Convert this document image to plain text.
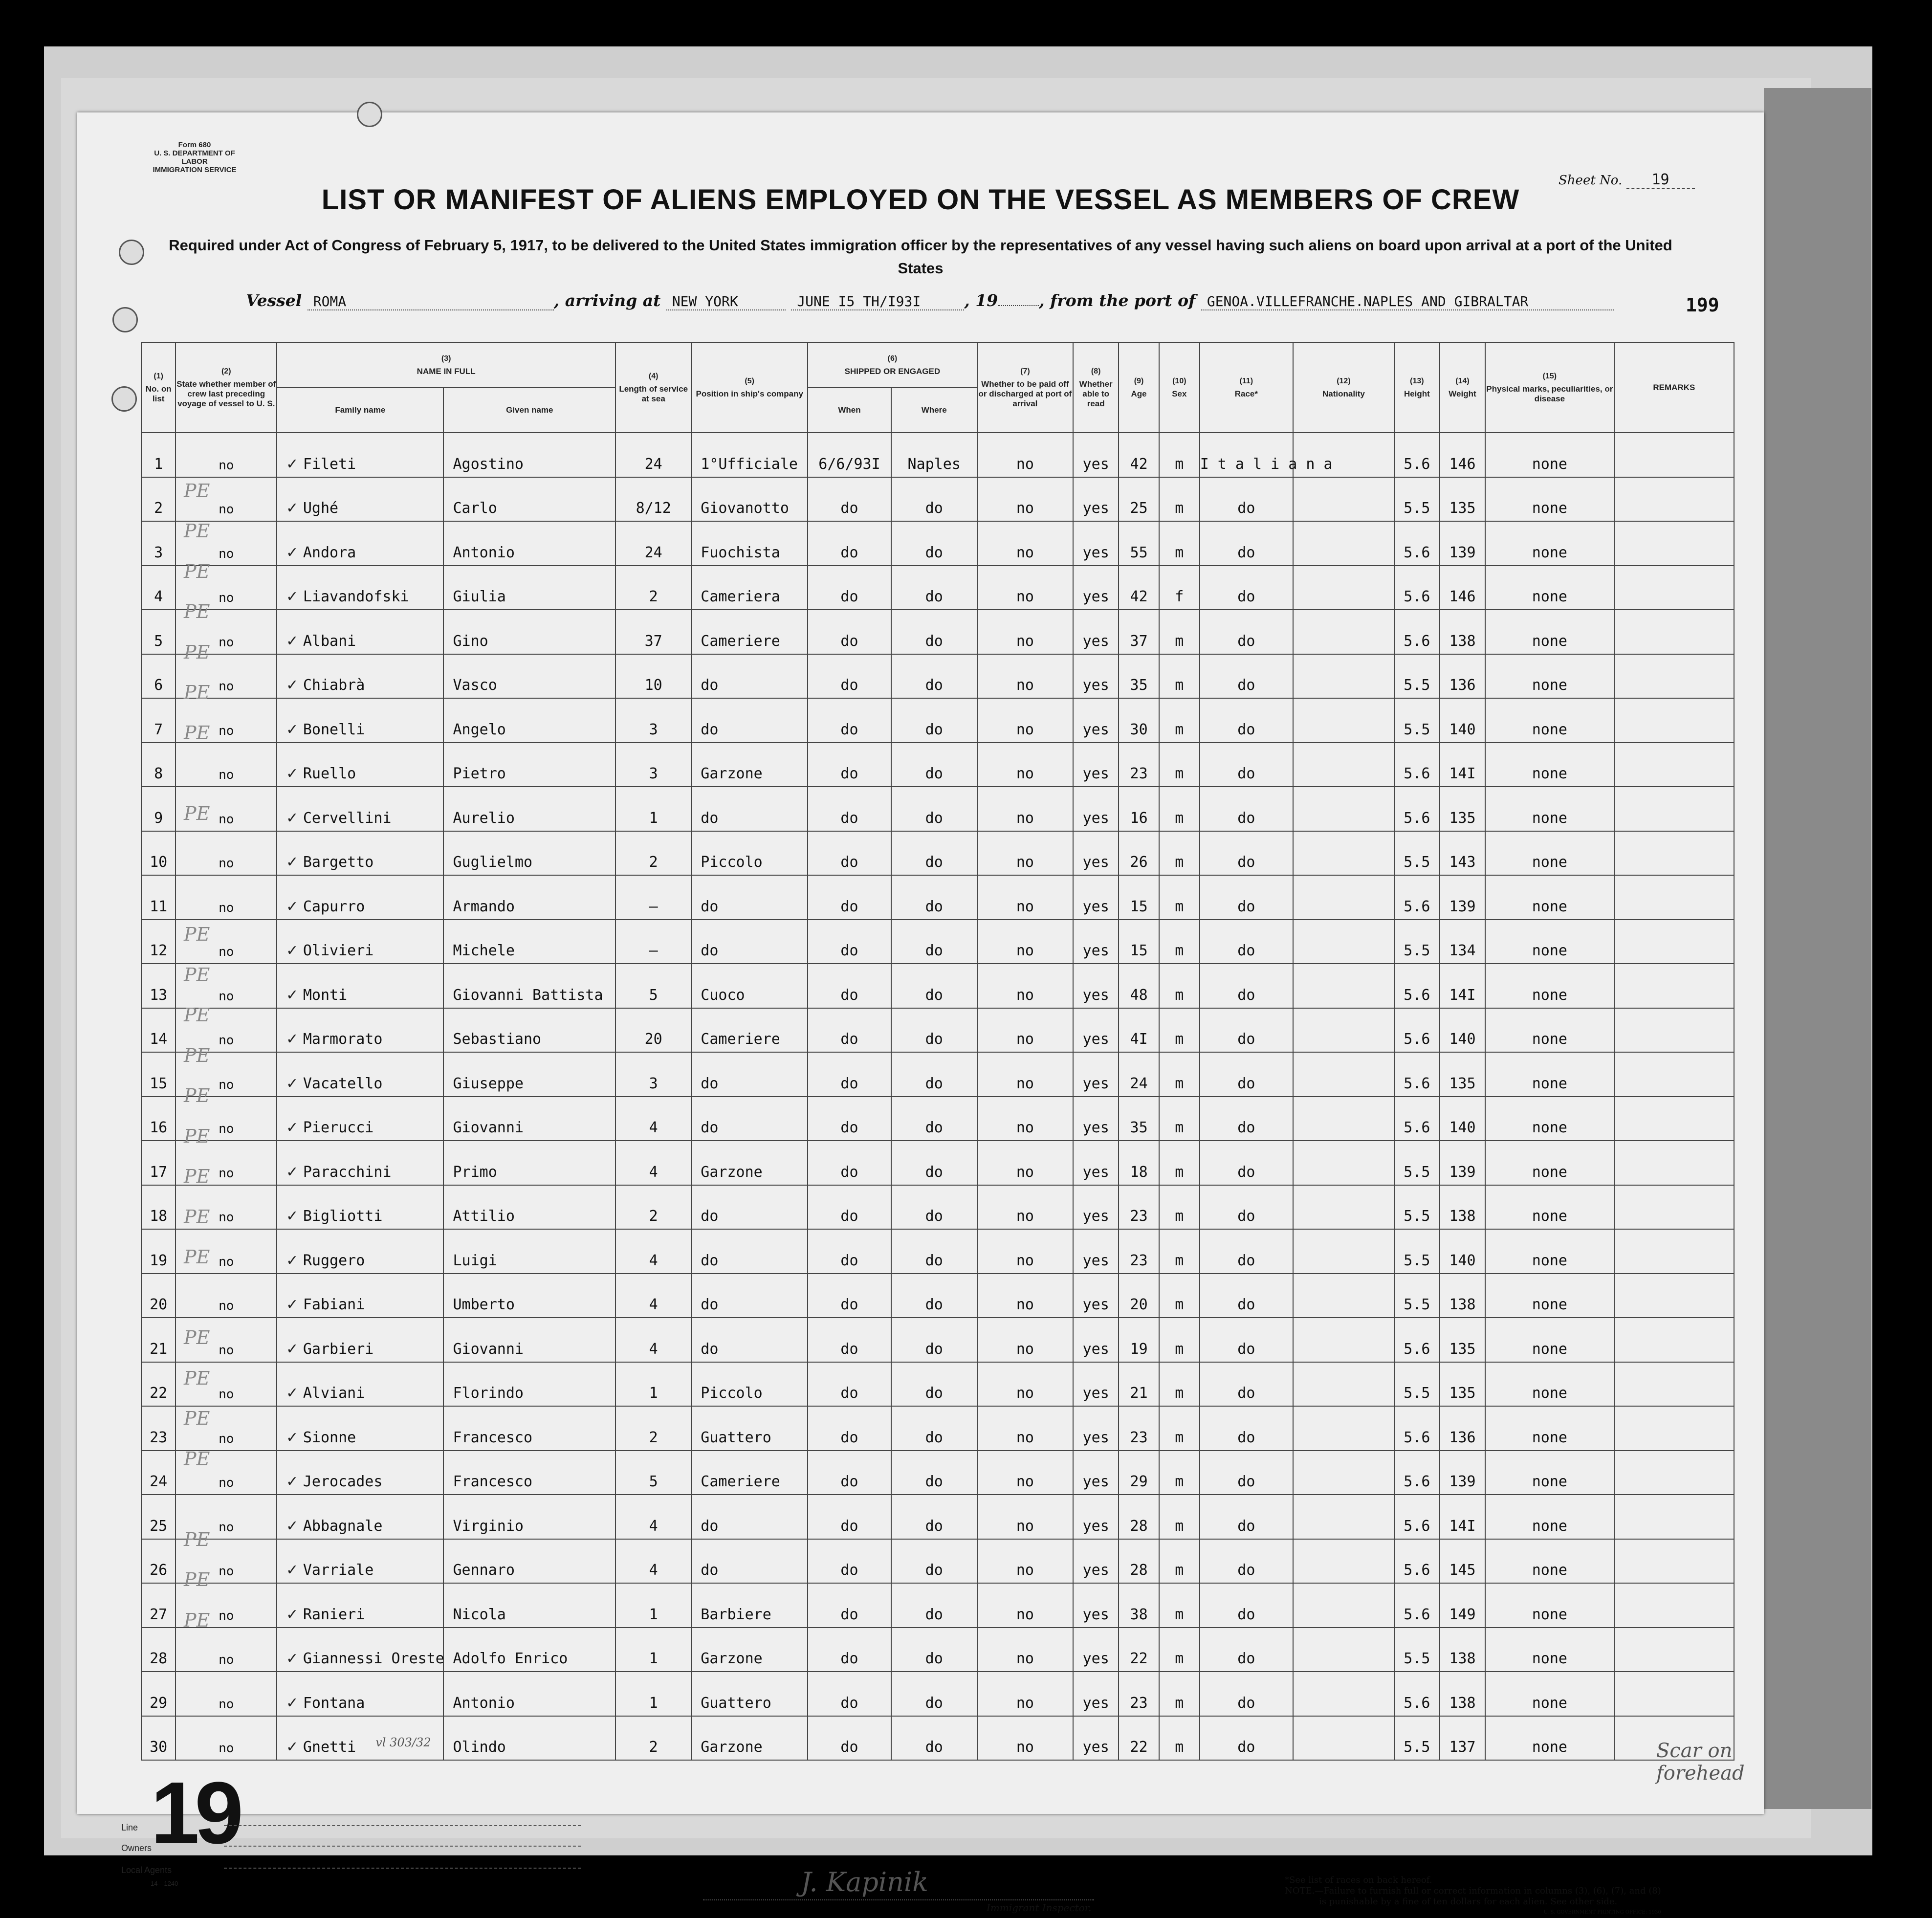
Form 680
U. S. DEPARTMENT OF LABOR
IMMIGRATION SERVICE
Sheet No. 19
LIST OR MANIFEST OF ALIENS EMPLOYED ON THE VESSEL AS MEMBERS OF CREW
Required under Act of Congress of February 5, 1917, to be delivered to the United States immigration officer by the representatives of any vessel having such aliens on board upon arrival at a port of the United States
Vessel ROMA	, arriving at NEW YORK	JUNE I5 TH/I93I	, 19	, from the port of GENOA.VILLEFRANCHE.NAPLES AND GIBRALTAR	199
(1)
No. on list	(2)
State whether member of crew last preceding voyage of vessel to U. S.	(3)
NAME IN FULL		(4)
Length of service at sea	(5)
Position in ship's company	(6)
SHIPPED OR ENGAGED		(7)
Whether to be paid off or discharged at port of arrival	(8)
Whether able to read	(9)
Age	(10)
Sex	(11)
Race*	(12)
Nationality	(13)
Height	(14)
Weight	(15)
Physical marks, peculiarities, or disease	REMARKS
		Family name	Given name			When	Where										
1	no	✓ Fileti	Agostino	24	1°Ufficiale	6/6/93I	Naples	no	yes	42	m	I t a l i a n a		5.6	146	none	
2	no	✓ Ughé	Carlo	8/12	Giovanotto	do	do	no	yes	25	m	do		5.5	135	none	
3	no	✓ Andora	Antonio	24	Fuochista	do	do	no	yes	55	m	do		5.6	139	none	
4	no	✓ Liavandofski	Giulia	2	Cameriera	do	do	no	yes	42	f	do		5.6	146	none	
5	no	✓ Albani	Gino	37	Cameriere	do	do	no	yes	37	m	do		5.6	138	none	
6	no	✓ Chiabrà	Vasco	10	do	do	do	no	yes	35	m	do		5.5	136	none	
7	no	✓ Bonelli	Angelo	3	do	do	do	no	yes	30	m	do		5.5	140	none	
8	no	✓ Ruello	Pietro	3	Garzone	do	do	no	yes	23	m	do		5.6	14I	none	
9	no	✓ Cervellini	Aurelio	1	do	do	do	no	yes	16	m	do		5.6	135	none	
10	no	✓ Bargetto	Guglielmo	2	Piccolo	do	do	no	yes	26	m	do		5.5	143	none	
11	no	✓ Capurro	Armando	–	do	do	do	no	yes	15	m	do		5.6	139	none	
12	no	✓ Olivieri	Michele	–	do	do	do	no	yes	15	m	do		5.5	134	none	
13	no	✓ Monti	Giovanni Battista	5	Cuoco	do	do	no	yes	48	m	do		5.6	14I	none	
14	no	✓ Marmorato	Sebastiano	20	Cameriere	do	do	no	yes	4I	m	do		5.6	140	none	
15	no	✓ Vacatello	Giuseppe	3	do	do	do	no	yes	24	m	do		5.6	135	none	
16	no	✓ Pierucci	Giovanni	4	do	do	do	no	yes	35	m	do		5.6	140	none	
17	no	✓ Paracchini	Primo	4	Garzone	do	do	no	yes	18	m	do		5.5	139	none	
18	no	✓ Bigliotti	Attilio	2	do	do	do	no	yes	23	m	do		5.5	138	none	
19	no	✓ Ruggero	Luigi	4	do	do	do	no	yes	23	m	do		5.5	140	none	
20	no	✓ Fabiani	Umberto	4	do	do	do	no	yes	20	m	do		5.5	138	none	
21	no	✓ Garbieri	Giovanni	4	do	do	do	no	yes	19	m	do		5.6	135	none	
22	no	✓ Alviani	Florindo	1	Piccolo	do	do	no	yes	21	m	do		5.5	135	none	
23	no	✓ Sionne	Francesco	2	Guattero	do	do	no	yes	23	m	do		5.6	136	none	
24	no	✓ Jerocades	Francesco	5	Cameriere	do	do	no	yes	29	m	do		5.6	139	none	
25	no	✓ Abbagnale	Virginio	4	do	do	do	no	yes	28	m	do		5.6	14I	none	
26	no	✓ Varriale	Gennaro	4	do	do	do	no	yes	28	m	do		5.6	145	none	
27	no	✓ Ranieri	Nicola	1	Barbiere	do	do	no	yes	38	m	do		5.6	149	none	
28	no	✓ Giannessi Oreste	Adolfo Enrico	1	Garzone	do	do	no	yes	22	m	do		5.5	138	none	
29	no	✓ Fontana	Antonio	1	Guattero	do	do	no	yes	23	m	do		5.6	138	none	
30	no	✓ Gnetti $^{vl 303/32}$	Olindo	2	Garzone	do	do	no	yes	22	m	do		5.5	137	none		Scar on forehead
19
Line
Owners
Local Agents
14—1240	J. Kapinik
Immigrant Inspector.
*See list of races on back hereof.
NOTE.—Failure to furnish full or correct information in columns (3), (6), (7), and (8)
is punishable by a fine of ten dollars for each alien. See other side.
U. S. GOVERNMENT PRINTING OFFICE: 1930
PE
PE
PE
PE
PE
PE
PE
PE
PE
PE
PE
PE
PE
PE
PE
PE
PE
PE
PE
PE
PE
PE
PE
PE
